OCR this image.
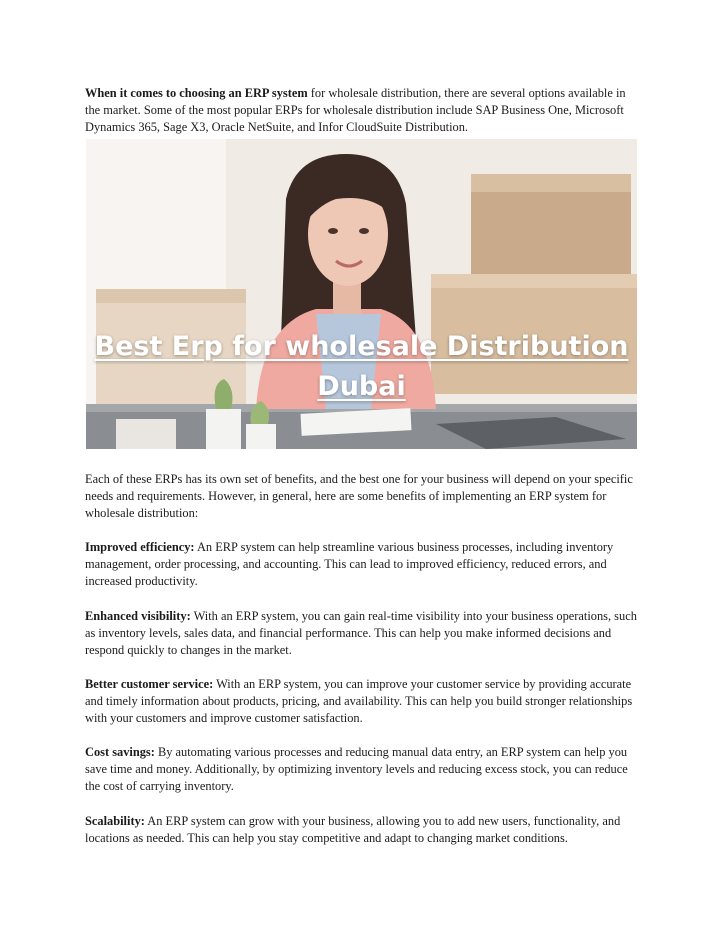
When it comes to choosing an ERP system for wholesale distribution, there are several options available in the market. Some of the most popular ERPs for wholesale distribution include SAP Business One, Microsoft Dynamics 365, Sage X3, Oracle NetSuite, and Infor CloudSuite Distribution.

Best Erp for wholesale Distribution
Dubai

Each of these ERPs has its own set of benefits, and the best one for your business will depend on your specific needs and requirements. However, in general, here are some benefits of implementing an ERP system for wholesale distribution:

Improved efficiency: An ERP system can help streamline various business processes, including inventory management, order processing, and accounting. This can lead to improved efficiency, reduced errors, and increased productivity.

Enhanced visibility: With an ERP system, you can gain real-time visibility into your business operations, such as inventory levels, sales data, and financial performance. This can help you make informed decisions and respond quickly to changes in the market.

Better customer service: With an ERP system, you can improve your customer service by providing accurate and timely information about products, pricing, and availability. This can help you build stronger relationships with your customers and improve customer satisfaction.

Cost savings: By automating various processes and reducing manual data entry, an ERP system can help you save time and money. Additionally, by optimizing inventory levels and reducing excess stock, you can reduce the cost of carrying inventory.

Scalability: An ERP system can grow with your business, allowing you to add new users, functionality, and locations as needed. This can help you stay competitive and adapt to changing market conditions.
